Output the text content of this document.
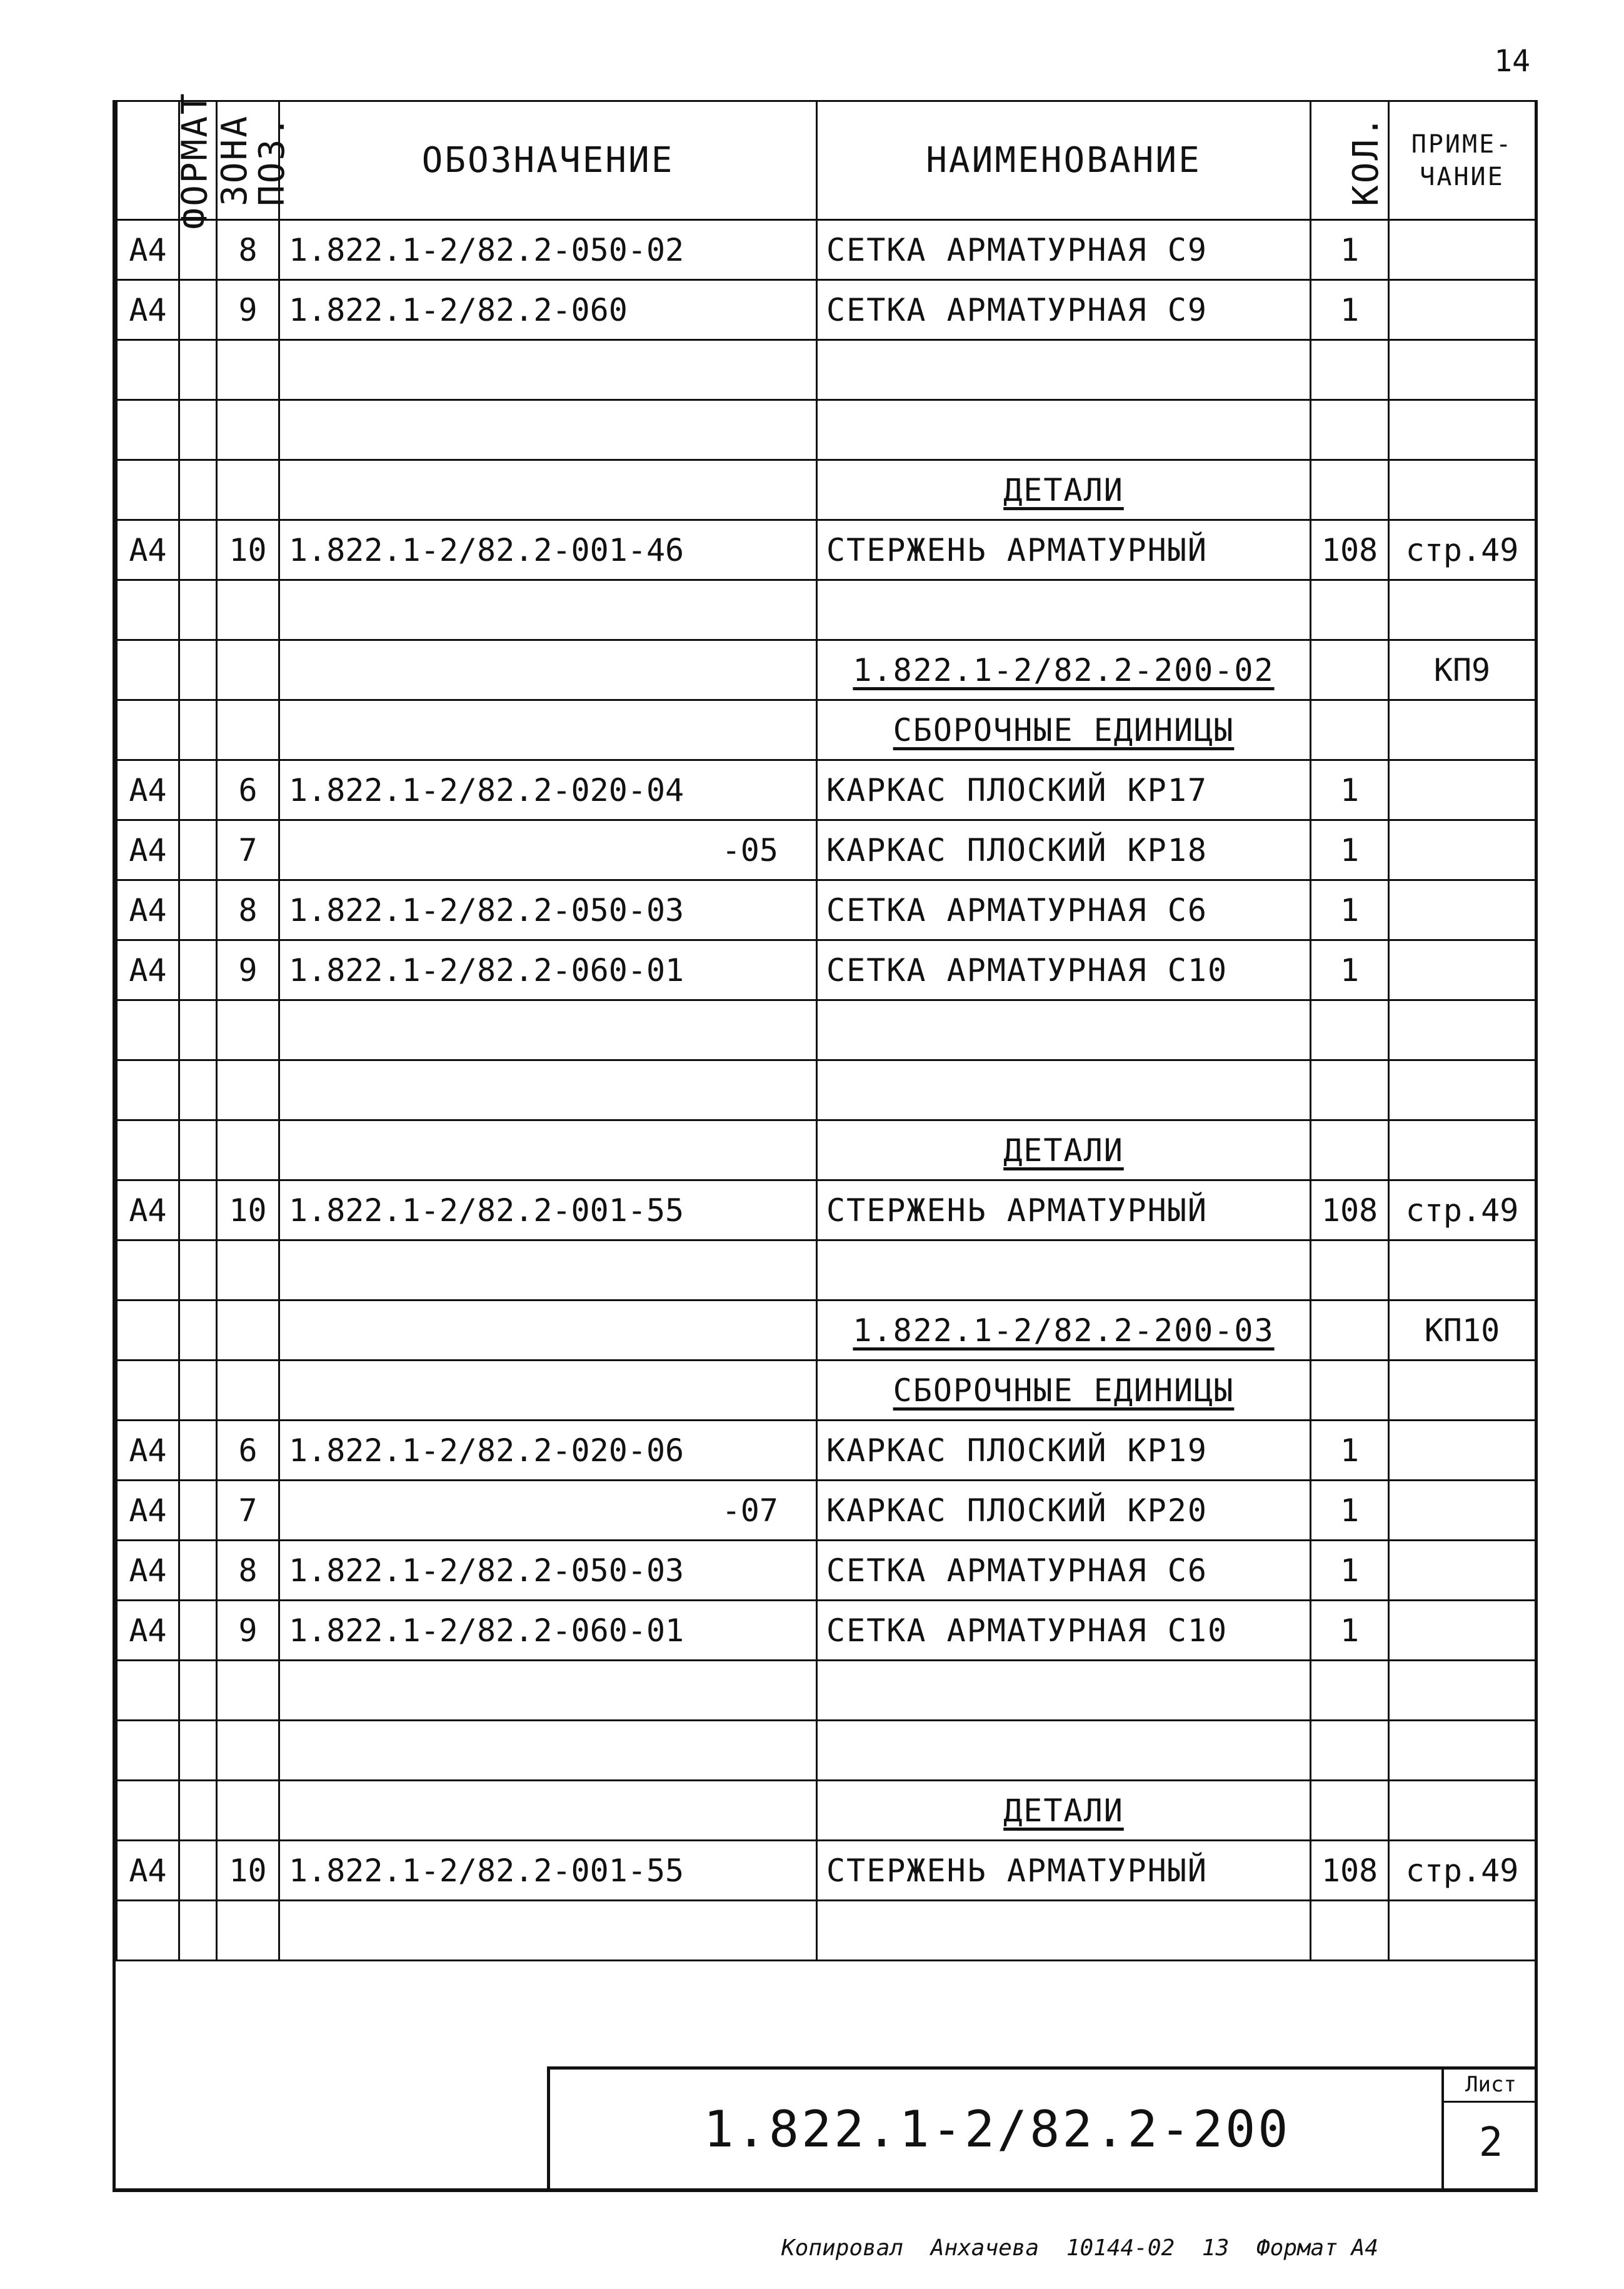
14
ФОРМАТ	ЗОНА	ПОЗ.	ОБОЗНАЧЕНИЕ	НАИМЕНОВАНИЕ	КОЛ.	ПРИМЕ-ЧАНИЕ
А4		8	1.822.1-2/82.2-050-02	СЕТКА АРМАТУРНАЯ С9	1	
А4		9	1.822.1-2/82.2-060	СЕТКА АРМАТУРНАЯ С9	1	

				ДЕТАЛИ		
А4		10	1.822.1-2/82.2-001-46	СТЕРЖЕНЬ АРМАТУРНЫЙ	108	стр.49

				1.822.1-2/82.2-200-02		КП9
				СБОРОЧНЫЕ ЕДИНИЦЫ		
А4		6	1.822.1-2/82.2-020-04	КАРКАС ПЛОСКИЙ КР17	1	
А4		7	-05	КАРКАС ПЛОСКИЙ КР18	1	
А4		8	1.822.1-2/82.2-050-03	СЕТКА АРМАТУРНАЯ С6	1	
А4		9	1.822.1-2/82.2-060-01	СЕТКА АРМАТУРНАЯ С10	1	

				ДЕТАЛИ		
А4		10	1.822.1-2/82.2-001-55	СТЕРЖЕНЬ АРМАТУРНЫЙ	108	стр.49

				1.822.1-2/82.2-200-03		КП10
				СБОРОЧНЫЕ ЕДИНИЦЫ		
А4		6	1.822.1-2/82.2-020-06	КАРКАС ПЛОСКИЙ КР19	1	
А4		7	-07	КАРКАС ПЛОСКИЙ КР20	1	
А4		8	1.822.1-2/82.2-050-03	СЕТКА АРМАТУРНАЯ С6	1	
А4		9	1.822.1-2/82.2-060-01	СЕТКА АРМАТУРНАЯ С10	1	

				ДЕТАЛИ		
А4		10	1.822.1-2/82.2-001-55	СТЕРЖЕНЬ АРМАТУРНЫЙ	108	стр.49

1.822.1-2/82.2-200
Лист
2
Копировал Анхачева 10144-02 13 Формат А4
